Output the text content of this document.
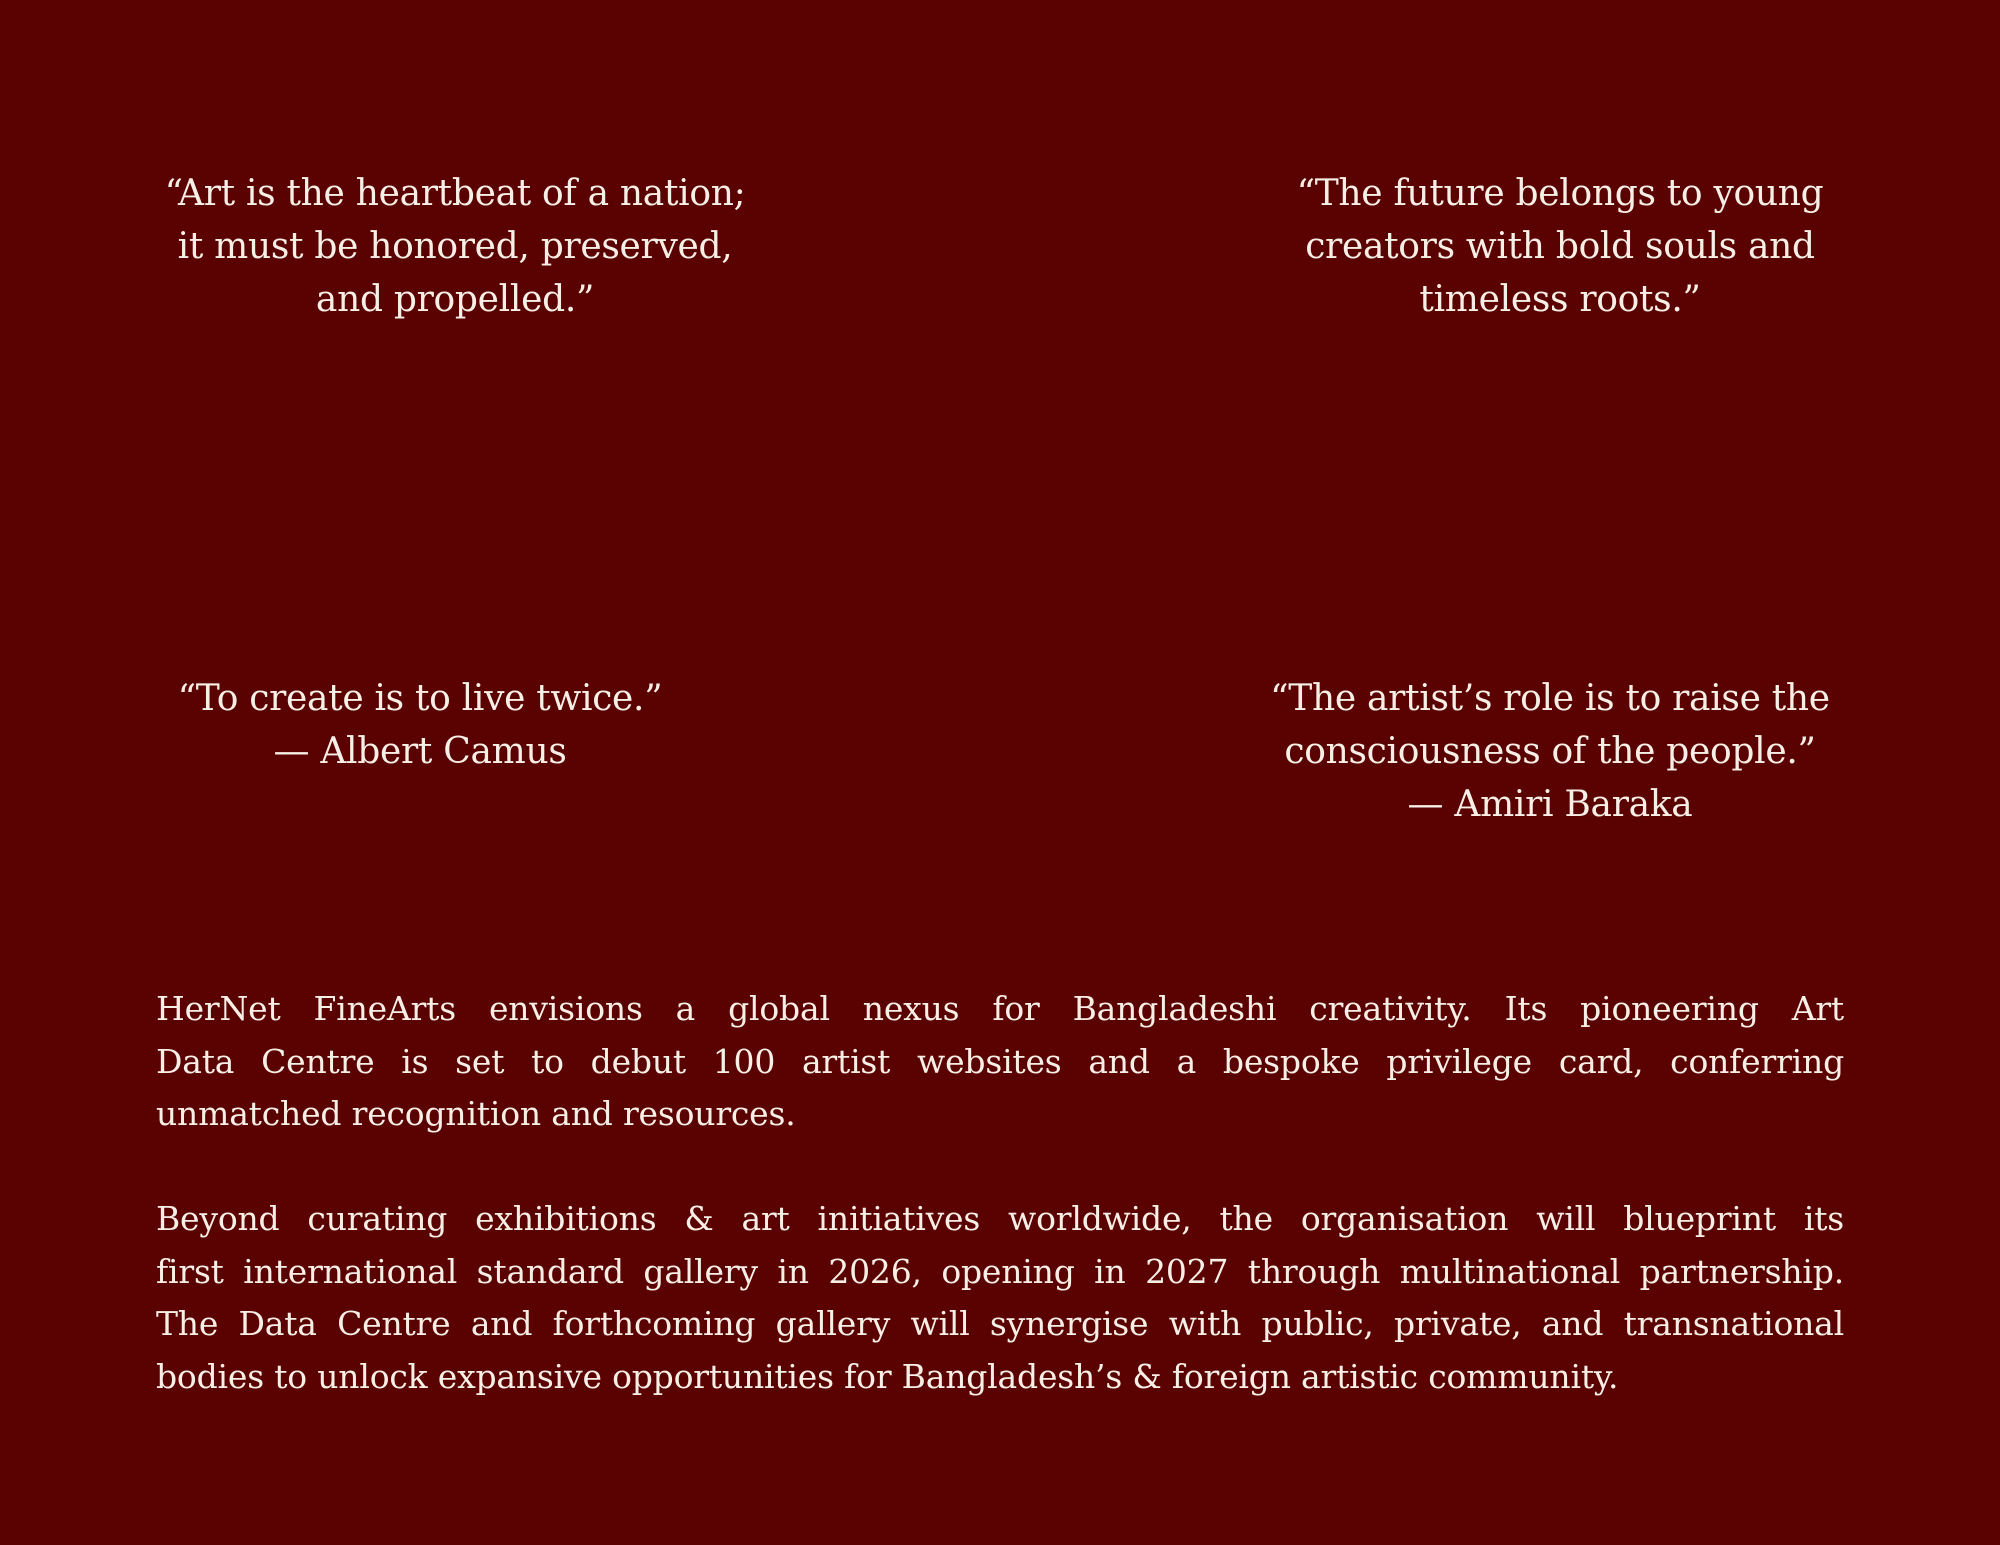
“Art is the heartbeat of a nation;
it must be honored, preserved,
and propelled.”
“The future belongs to young
creators with bold souls and
timeless roots.”
“To create is to live twice.”
— Albert Camus
“The artist’s role is to raise the
consciousness of the people.”
— Amiri Baraka
HerNet FineArts envisions a global nexus for Bangladeshi creativity. Its pioneering Art
Data Centre is set to debut 100 artist websites and a bespoke privilege card, conferring
unmatched recognition and resources.
Beyond curating exhibitions & art initiatives worldwide, the organisation will blueprint its
first international standard gallery in 2026, opening in 2027 through multinational partnership.
The Data Centre and forthcoming gallery will synergise with public, private, and transnational
bodies to unlock expansive opportunities for Bangladesh’s & foreign artistic community.
